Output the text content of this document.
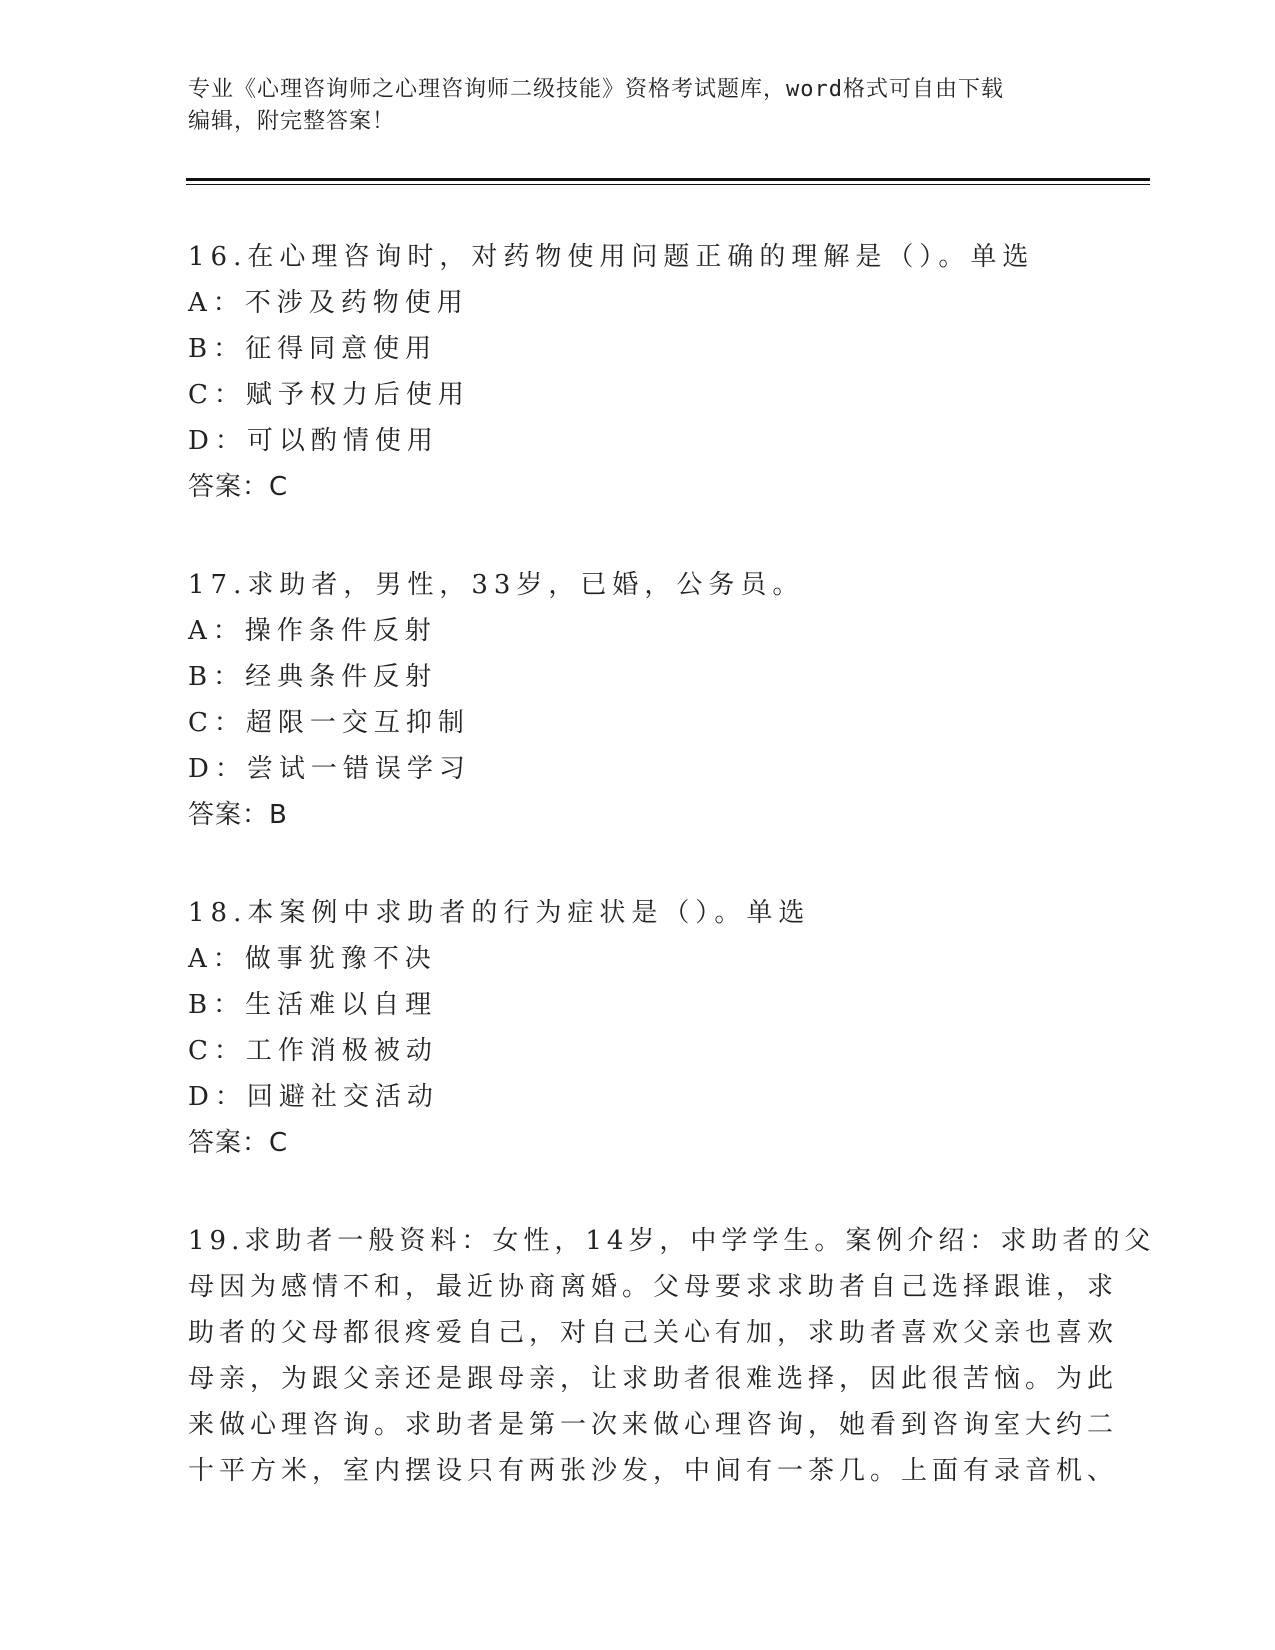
专业《心理咨询师之心理咨询师二级技能》资格考试题库，word格式可自由下载
编辑，附完整答案！
16.在心理咨询时，对药物使用问题正确的理解是（）。单选
A：不涉及药物使用
B：征得同意使用
C：赋予权力后使用
D：可以酌情使用
答案：C
17.求助者，男性，33岁，已婚，公务员。
A：操作条件反射
B：经典条件反射
C：超限一交互抑制
D：尝试一错误学习
答案：B
18.本案例中求助者的行为症状是（）。单选
A：做事犹豫不决
B：生活难以自理
C：工作消极被动
D：回避社交活动
答案：C
19.求助者一般资料：女性，14岁，中学学生。案例介绍：求助者的父
母因为感情不和，最近协商离婚。父母要求求助者自己选择跟谁，求
助者的父母都很疼爱自己，对自己关心有加，求助者喜欢父亲也喜欢
母亲，为跟父亲还是跟母亲，让求助者很难选择，因此很苦恼。为此
来做心理咨询。求助者是第一次来做心理咨询，她看到咨询室大约二
十平方米，室内摆设只有两张沙发，中间有一茶几。上面有录音机、
